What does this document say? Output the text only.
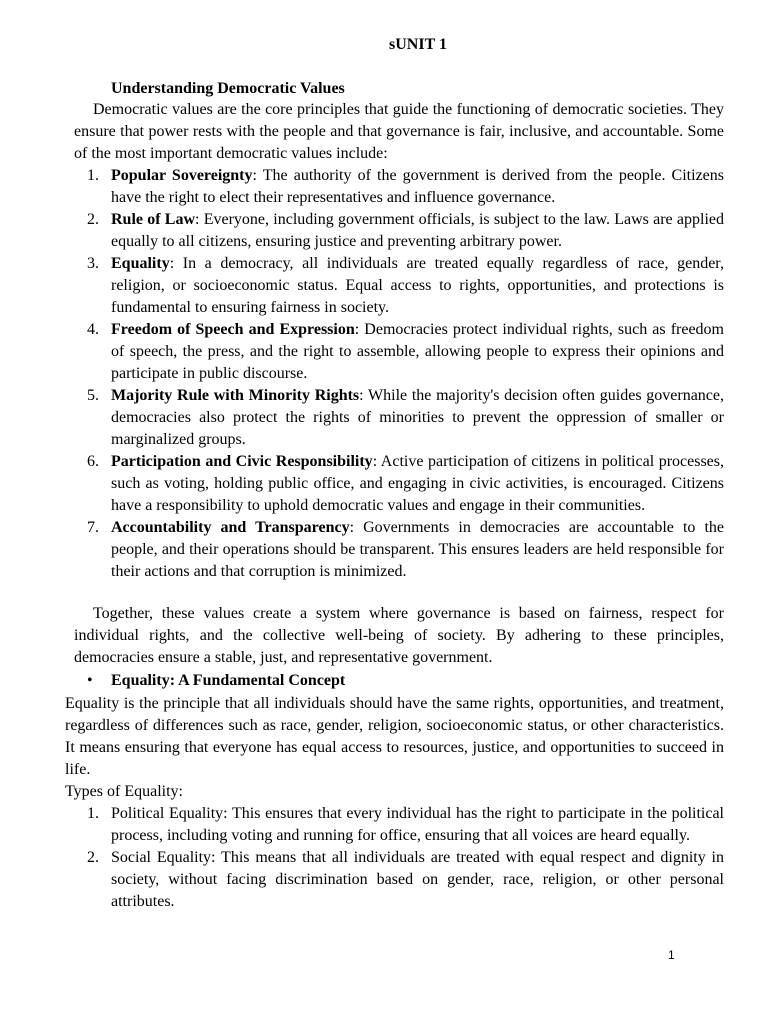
sUNIT 1
Understanding Democratic Values

Democratic values are the core principles that guide the functioning of democratic societies. They ensure that power rests with the people and that governance is fair, inclusive, and accountable. Some of the most important democratic values include:

1. Popular Sovereignty: The authority of the government is derived from the people. Citizens have the right to elect their representatives and influence governance.
2. Rule of Law: Everyone, including government officials, is subject to the law. Laws are applied equally to all citizens, ensuring justice and preventing arbitrary power.
3. Equality: In a democracy, all individuals are treated equally regardless of race, gender, religion, or socioeconomic status. Equal access to rights, opportunities, and protections is fundamental to ensuring fairness in society.
4. Freedom of Speech and Expression: Democracies protect individual rights, such as freedom of speech, the press, and the right to assemble, allowing people to express their opinions and participate in public discourse.
5. Majority Rule with Minority Rights: While the majority's decision often guides governance, democracies also protect the rights of minorities to prevent the oppression of smaller or marginalized groups.
6. Participation and Civic Responsibility: Active participation of citizens in political processes, such as voting, holding public office, and engaging in civic activities, is encouraged. Citizens have a responsibility to uphold democratic values and engage in their communities.
7. Accountability and Transparency: Governments in democracies are accountable to the people, and their operations should be transparent. This ensures leaders are held responsible for their actions and that corruption is minimized.

Together, these values create a system where governance is based on fairness, respect for individual rights, and the collective well-being of society. By adhering to these principles, democracies ensure a stable, just, and representative government.

• Equality: A Fundamental Concept

Equality is the principle that all individuals should have the same rights, opportunities, and treatment, regardless of differences such as race, gender, religion, socioeconomic status, or other characteristics. It means ensuring that everyone has equal access to resources, justice, and opportunities to succeed in life.

Types of Equality:

1. Political Equality: This ensures that every individual has the right to participate in the political process, including voting and running for office, ensuring that all voices are heard equally.
2. Social Equality: This means that all individuals are treated with equal respect and dignity in society, without facing discrimination based on gender, race, religion, or other personal attributes.
1
